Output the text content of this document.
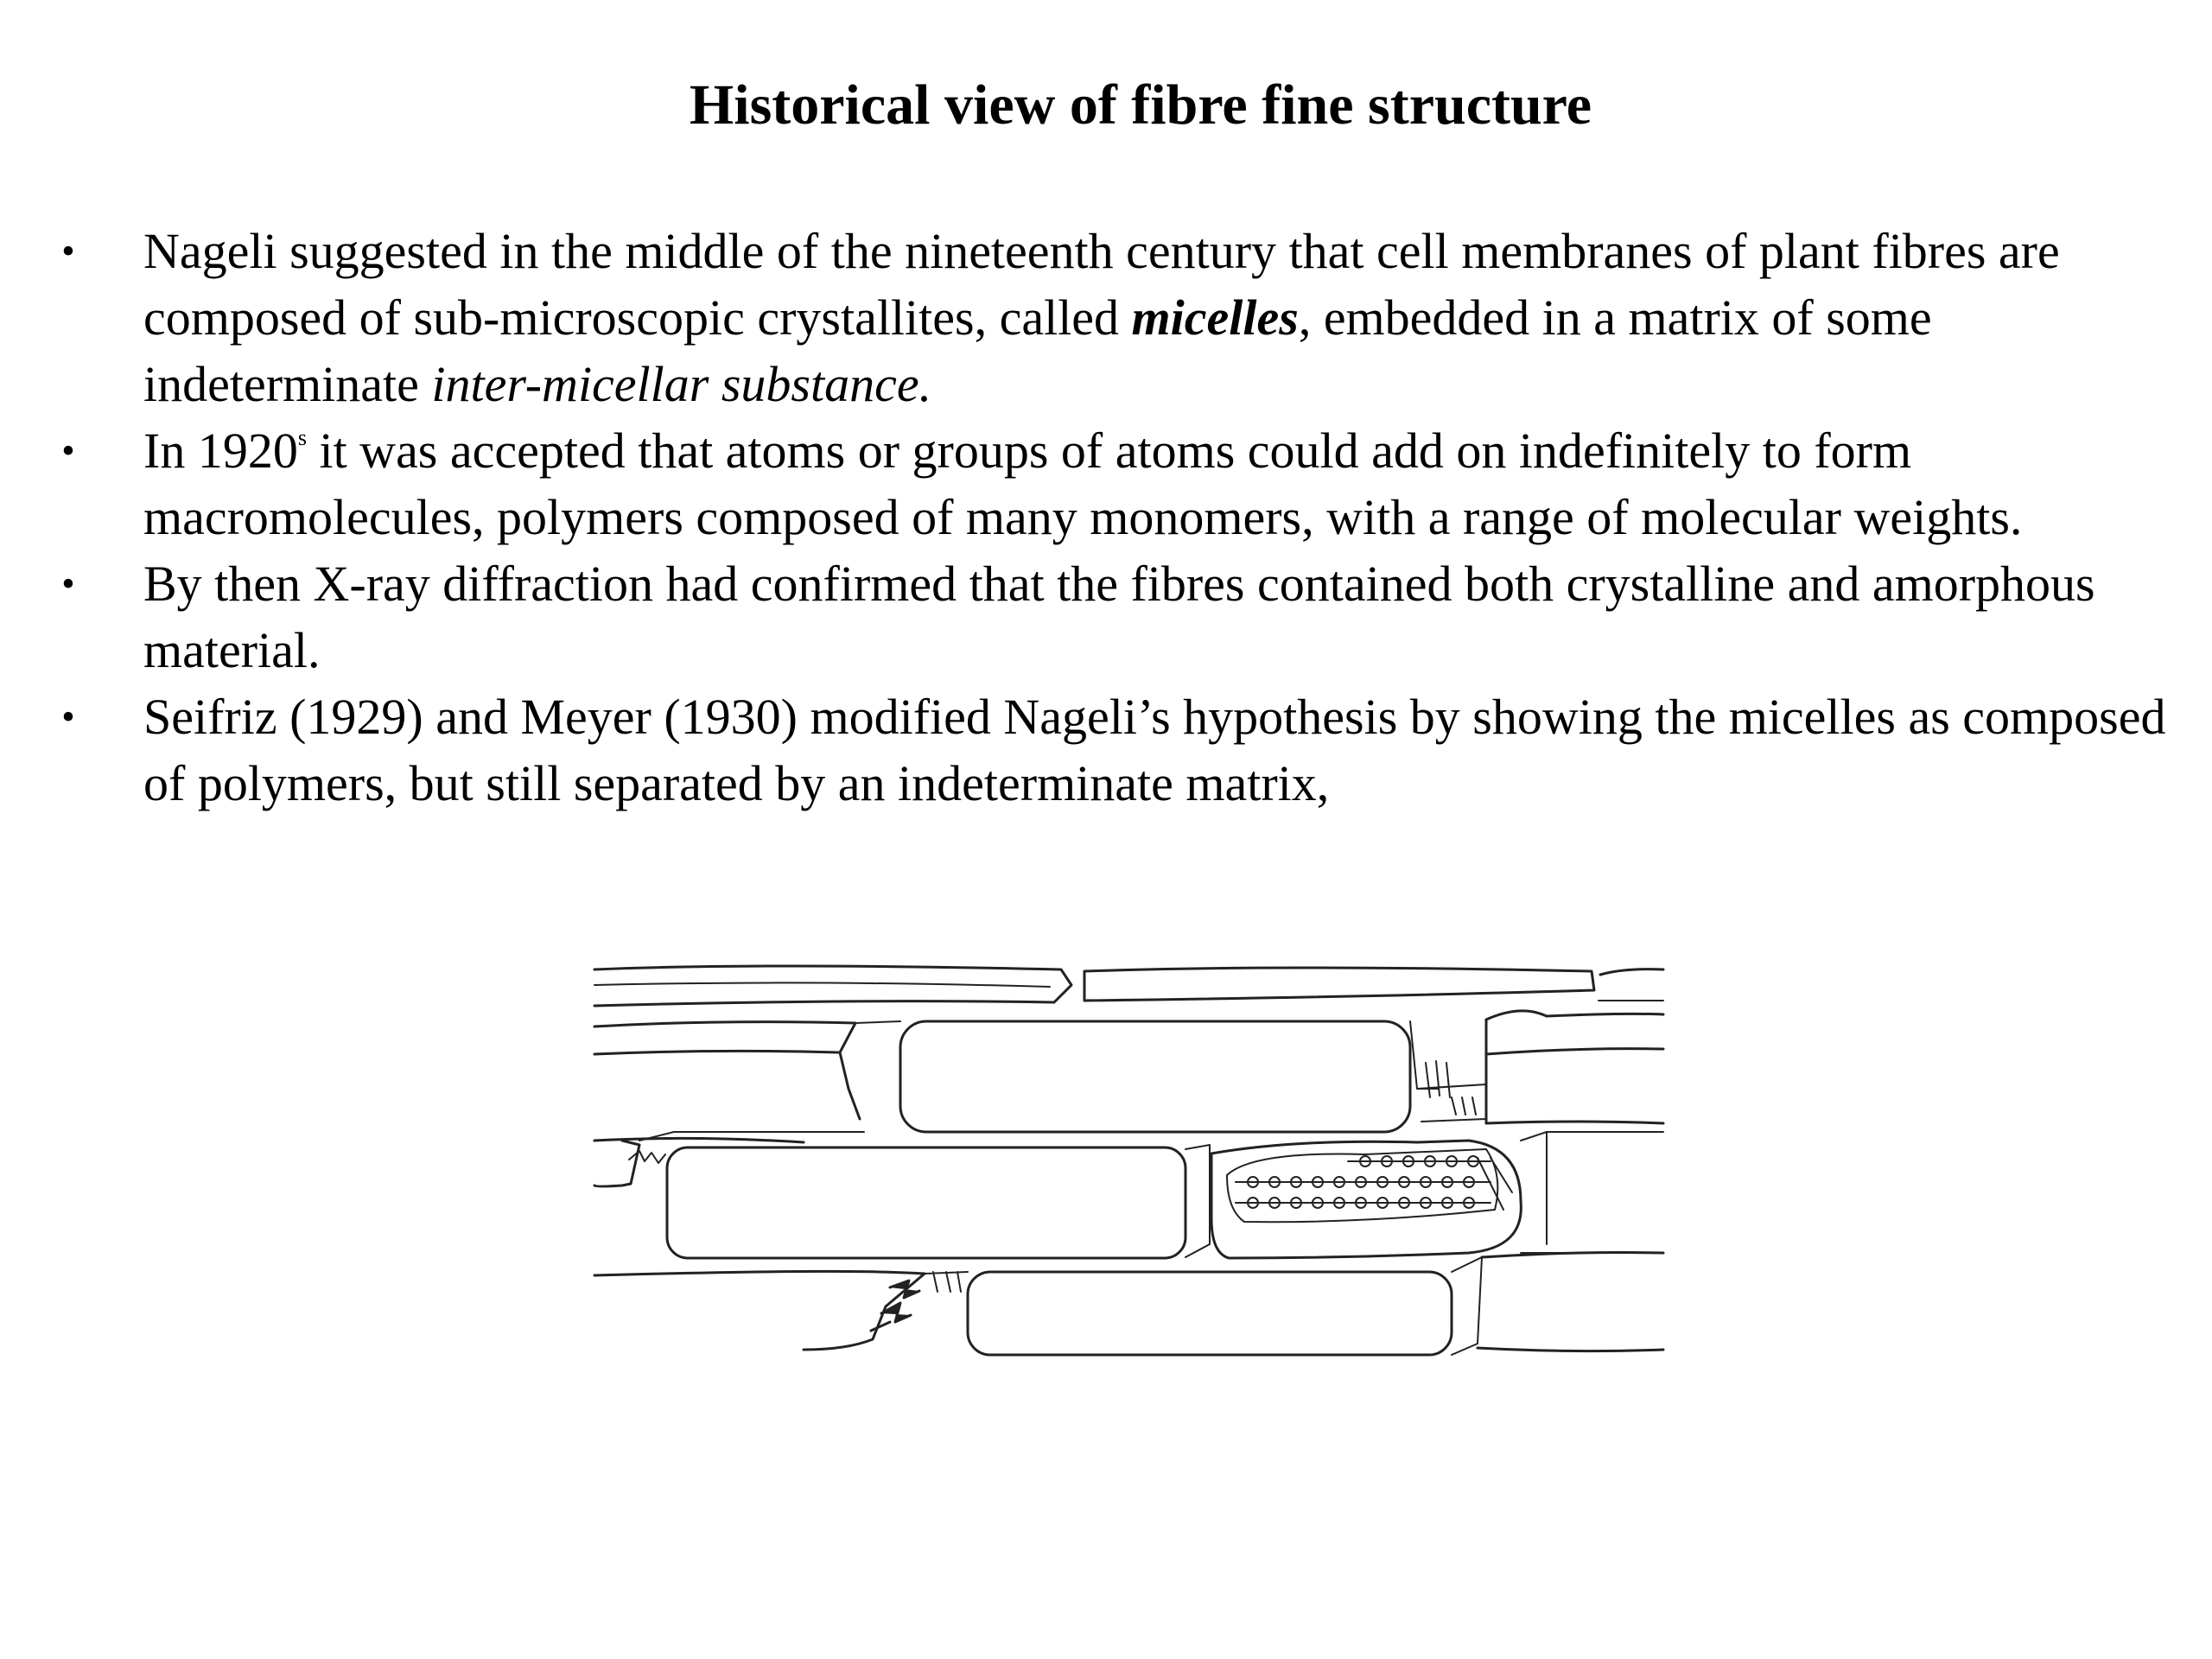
Historical view of fibre fine structure
• Nageli suggested in the middle of the nineteenth century that cell membranes of plant fibres are composed of sub-microscopic crystallites, called micelles, embedded in a matrix of some indeterminate inter-micellar substance.
• In 1920$^s$ it was accepted that atoms or groups of atoms could add on indefinitely to form macromolecules, polymers composed of many monomers, with a range of molecular weights.
• By then X-ray diffraction had confirmed that the fibres contained both crystalline and amorphous material.
• Seifriz (1929) and Meyer (1930) modified Nageli’s hypothesis by showing the micelles as composed of polymers, but still separated by an indeterminate matrix,
